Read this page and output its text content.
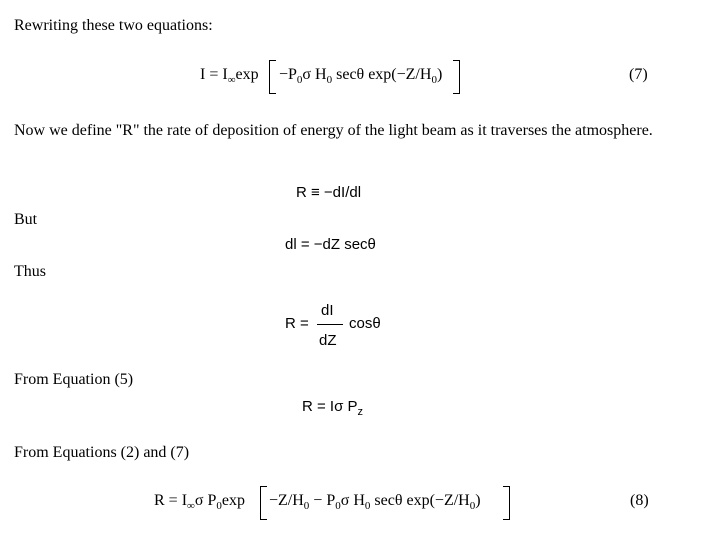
Rewriting these two equations:
$I = I_\infty\exp -P_0\sigma$ $H_0$ secθ $\exp(-Z/H_0)$	(7)
Now we define "R" the rate of deposition of energy of the light beam as it traverses the atmosphere.
R ≡ −dI/dl
But
dl = −dZ secθ
Thus
R =
dI
dZ
cosθ
From Equation (5)
R = Iσ $P_z$
From Equations (2) and (7)
$R = I_\infty\sigma$ $P_0\exp -Z/H_0 - P_0\sigma$ $H_0$ secθ $\exp(-Z/H_0)$	(8)
